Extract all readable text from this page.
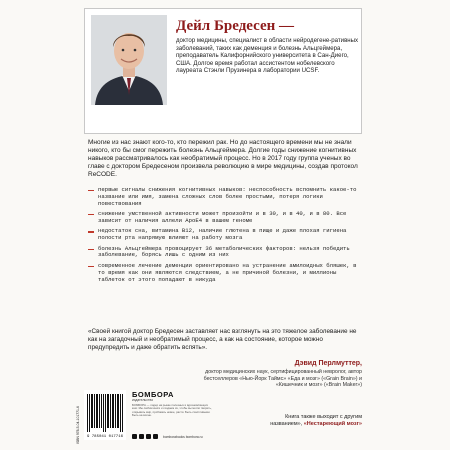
Дейл Бредесен —
доктор медицины, специалист в области нейродегене-ративных заболеваний, таких как деменция и болезнь Альцгеймера, преподаватель Калифорнийского университета в Сан-Диего, США. Долгое время работал ассистентом нобелевского лауреата Стэнли Прузинера в лаборатории UCSF.
Многие из нас знают кого-то, кто пережил рак. Но до настоящего времени мы не знали никого, кто бы смог пережить болезнь Альцгеймера. Долгие годы снижение когнитивных навыков рассматривалось как необратимый процесс. Но в 2017 году группа ученых во главе с доктором Бредесеном произвела революцию в мире медицины, создав протокол ReCODE.
первые сигналы снижения когнитивных навыков: неспособность вспомнить какое-то название или имя, замена сложных слов более простыми, потеря логики повествования
снижение умственной активности может произойти и в 30, и в 40, и в 80. Все зависит от наличия аллели ApoE4 в вашем геноме
недостаток сна, витамина B12, наличие глютена в пище и даже плохая гигиена полости рта напрямую влияют на работу мозга
болезнь Альцгеймера провоцирует 36 метаболических факторов: нельзя победить заболевание, борясь лишь с одним из них
современное лечение деменции ориентировано на устранение амилоидных бляшек, в то время как они являются следствием, а не причиной болезни, и миллионы таблеток от этого попадают в никуда
«Своей книгой доктор Бредесен заставляет нас взглянуть на это тяжелое заболевание не как на загадочный и необратимый процесс, а как на состояние, которое можно предупредить и даже обратить вспять».
Дэвид Перлмуттер,
доктор медицинских наук, сертифицированный невролог, автор бестселлеров «Нью-Йорк Таймс» «Еда и мозг» («Grain Brain») и «Кишечник и мозг» («Brain Maker»)
9 785041 017716
ISBN 978-5-04-101771-6
БОМБОРА
издательство
БОМБОРА — лидер на рынке полезных и вдохновляющих книг. Мы любим книги и создаем их, чтобы вы могли творить, открывать мир, пробовать новое, расти. Быть счастливыми. Быть на волне.
bomborabooks bombora.ru
Книга также выходит с другим названием», «Нестареющий мозг»
